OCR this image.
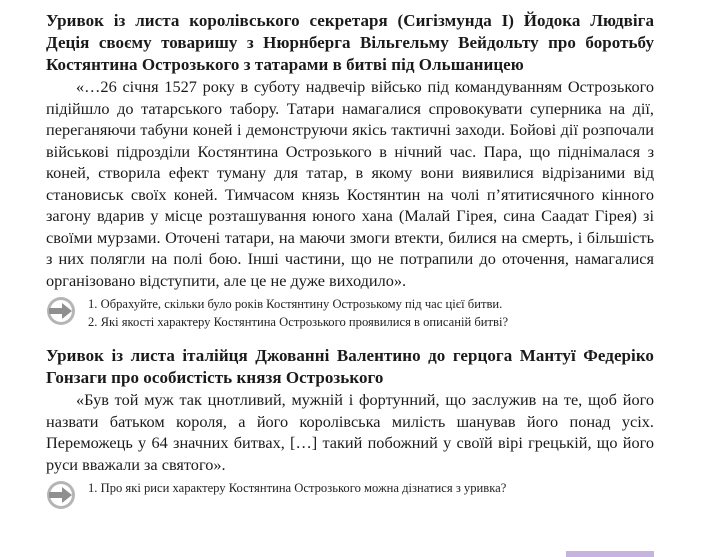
Уривок із листа королівського секретаря (Сигізмунда І) Йодока Людвіга Деція своєму товаришу з Нюрнберга Вільгельму Вейдольту про боротьбу Костянтина Острозького з татарами в битві під Ольшаницею

«…26 січня 1527 року в суботу надвечір військо під командуванням Острозького підійшло до татарського табору. Татари намагалися спровокувати суперника на дії, переганяючи табуни коней і демонструючи якісь тактичні заходи. Бойові дії розпочали військові підрозділи Костянтина Острозького в нічний час. Пара, що піднімалася з коней, створила ефект туману для татар, в якому вони виявилися відрізаними від становиськ своїх коней. Тимчасом князь Костянтин на чолі п’ятитисячного кінного загону вдарив у місце розташування юного хана (Малай Гірея, сина Саадат Гірея) зі своїми мурзами. Оточені татари, на маючи змоги втекти, билися на смерть, і більшість з них полягли на полі бою. Інші частини, що не потрапили до оточення, намагалися організовано відступити, але це не дуже виходило».

1. Обрахуйте, скільки було років Костянтину Острозькому під час цієї битви.

2. Які якості характеру Костянтина Острозького проявилися в описаній битві?

Уривок із листа італійця Джованні Валентино до герцога Мантуї Федеріко Гонзаги про особистість князя Острозького

«Був той муж так цнотливий, мужній і фортунний, що заслужив на те, щоб його назвати батьком короля, а його королівська милість шанував його понад усіх. Переможець у 64 значних битвах, […] такий побожний у своїй вірі грецькій, що його руси вважали за святого».

1. Про які риси характеру Костянтина Острозького можна дізнатися з уривка?
